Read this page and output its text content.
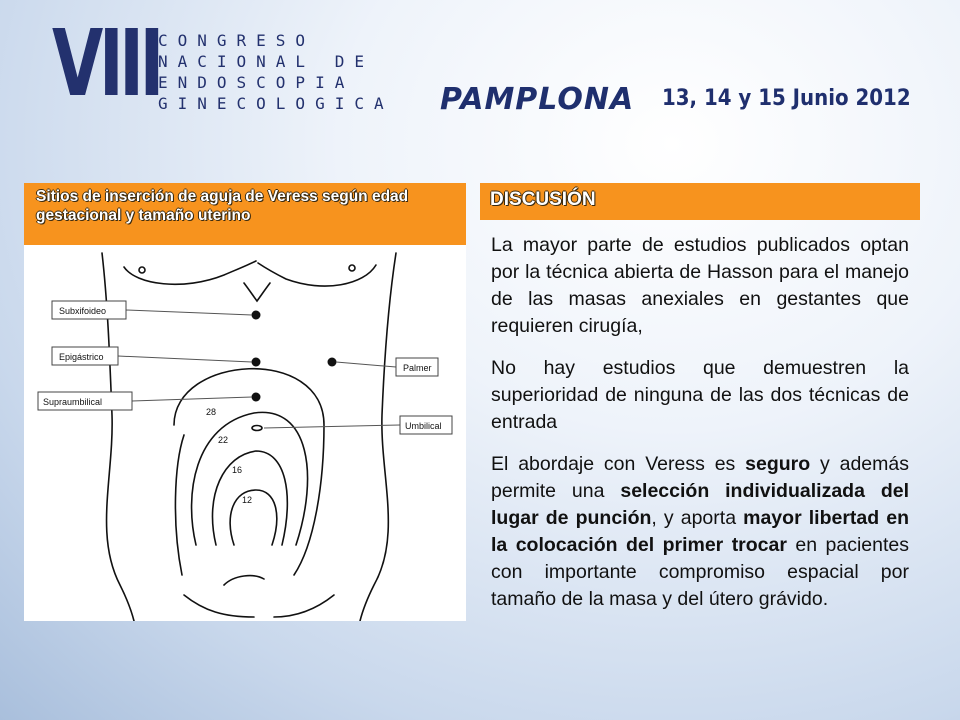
VIII
CONGRESO
NACIONAL DE
ENDOSCOPIA
GINECOLOGICA PAMPLONA 13, 14 y 15 Junio 2012
Sitios de inserción de aguja de Veress según edad gestacional y tamaño uterino
Subxifoideo
Epigástrico
Supraumbilical
Palmer
Umbilical
28
22
16
12
DISCUSIÓN

La mayor parte de estudios publicados optan por la técnica abierta de Hasson para el manejo de las masas anexiales en gestantes que requieren cirugía,

No hay estudios que demuestren la superioridad de ninguna de las dos técnicas de entrada

El abordaje con Veress es seguro y además permite una selección individualizada del lugar de punción, y aporta mayor libertad en la colocación del primer trocar en pacientes con importante compromiso espacial por tamaño de la masa y del útero grávido.
